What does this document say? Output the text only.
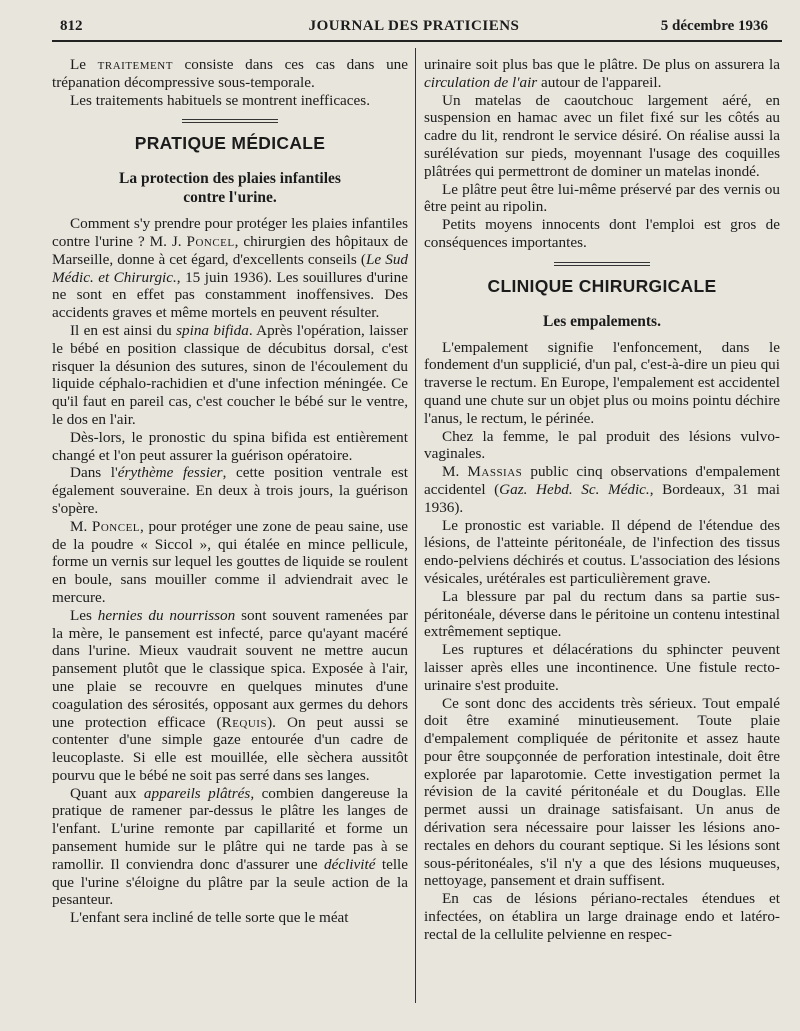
812	JOURNAL DES PRATICIENS	5 décembre 1936

Le traitement consiste dans ces cas dans une trépanation décompressive sous-temporale.

Les traitements habituels se montrent inefficaces.

PRATIQUE MÉDICALE
La protection des plaies infantiles
contre l'urine.

Comment s'y prendre pour protéger les plaies infantiles contre l'urine ? M. J. Poncel, chirurgien des hôpitaux de Marseille, donne à cet égard, d'excellents conseils (Le Sud Médic. et Chirurgic., 15 juin 1936). Les souillures d'urine ne sont en effet pas constamment inoffensives. Des accidents graves et même mortels en peuvent résulter.

Il en est ainsi du spina bifida. Après l'opération, laisser le bébé en position classique de décubitus dorsal, c'est risquer la désunion des sutures, sinon de l'écoulement du liquide céphalo-rachidien et d'une infection méningée. Ce qu'il faut en pareil cas, c'est coucher le bébé sur le ventre, le dos en l'air.

Dès-lors, le pronostic du spina bifida est entièrement changé et l'on peut assurer la guérison opératoire.

Dans l'érythème fessier, cette position ventrale est également souveraine. En deux à trois jours, la guérison s'opère.

M. Poncel, pour protéger une zone de peau saine, use de la poudre « Siccol », qui étalée en mince pellicule, forme un vernis sur lequel les gouttes de liquide se roulent en boule, sans mouiller comme il adviendrait avec le mercure.

Les hernies du nourrisson sont souvent ramenées par la mère, le pansement est infecté, parce qu'ayant macéré dans l'urine. Mieux vaudrait souvent ne mettre aucun pansement plutôt que le classique spica. Exposée à l'air, une plaie se recouvre en quelques minutes d'une coagulation des sérosités, opposant aux germes du dehors une protection efficace (Requis). On peut aussi se contenter d'une simple gaze entourée d'un cadre de leucoplaste. Si elle est mouillée, elle sèchera aussitôt pourvu que le bébé ne soit pas serré dans ses langes.

Quant aux appareils plâtrés, combien dangereuse la pratique de ramener par-dessus le plâtre les langes de l'enfant. L'urine remonte par capillarité et forme un pansement humide sur le plâtre qui ne tarde pas à se ramollir. Il conviendra donc d'assurer une déclivité telle que l'urine s'éloigne du plâtre par la seule action de la pesanteur.

L'enfant sera incliné de telle sorte que le méat

urinaire soit plus bas que le plâtre. De plus on assurera la circulation de l'air autour de l'appareil.

Un matelas de caoutchouc largement aéré, en suspension en hamac avec un filet fixé sur les côtés au cadre du lit, rendront le service désiré. On réalise aussi la surélévation sur pieds, moyennant l'usage des coquilles plâtrées qui permettront de dominer un matelas inondé.

Le plâtre peut être lui-même préservé par des vernis ou être peint au ripolin.

Petits moyens innocents dont l'emploi est gros de conséquences importantes.

CLINIQUE CHIRURGICALE
Les empalements.

L'empalement signifie l'enfoncement, dans le fondement d'un supplicié, d'un pal, c'est-à-dire un pieu qui traverse le rectum. En Europe, l'empalement est accidentel quand une chute sur un objet plus ou moins pointu déchire l'anus, le rectum, le périnée.

Chez la femme, le pal produit des lésions vulvo-vaginales.

M. Massias public cinq observations d'empalement accidentel (Gaz. Hebd. Sc. Médic., Bordeaux, 31 mai 1936).

Le pronostic est variable. Il dépend de l'étendue des lésions, de l'atteinte péritonéale, de l'infection des tissus endo-pelviens déchirés et coutus. L'association des lésions vésicales, urétérales est particulièrement grave.

La blessure par pal du rectum dans sa partie sus-péritonéale, déverse dans le péritoine un contenu intestinal extrêmement septique.

Les ruptures et délacérations du sphincter peuvent laisser après elles une incontinence. Une fistule recto-urinaire s'est produite.

Ce sont donc des accidents très sérieux. Tout empalé doit être examiné minutieusement. Toute plaie d'empalement compliquée de péritonite et assez haute pour être soupçonnée de perforation intestinale, doit être explorée par laparotomie. Cette investigation permet la révision de la cavité péritonéale et du Douglas. Elle permet aussi un drainage satisfaisant. Un anus de dérivation sera nécessaire pour laisser les lésions ano-rectales en dehors du courant septique. Si les lésions sont sous-péritonéales, s'il n'y a que des lésions muqueuses, nettoyage, pansement et drain suffisent.

En cas de lésions périano-rectales étendues et infectées, on établira un large drainage endo et latéro-rectal de la cellulite pelvienne en respec-
